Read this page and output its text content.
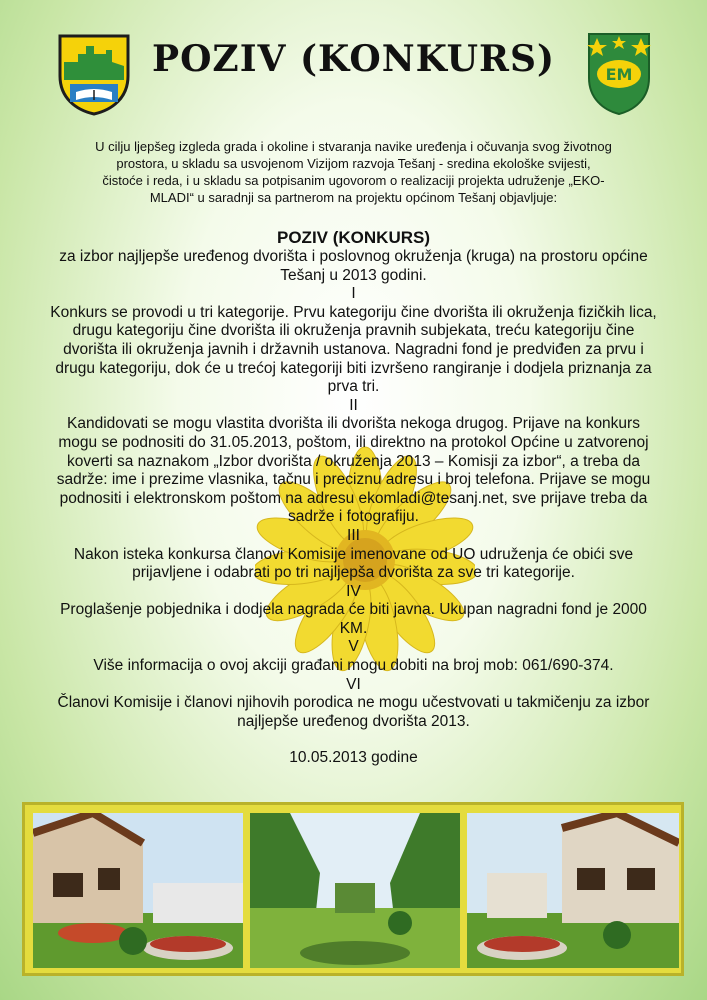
EM
POZIV (KONKURS)
U cilju ljepšeg izgleda grada i okoline i stvaranja navike uređenja i očuvanja svog životnog prostora, u skladu sa usvojenom Vizijom razvoja Tešanj - sredina ekološke svijesti, čistoće i reda, i u skladu sa potpisanim ugovorom o realizaciji projekta udruženje „EKO-MLADI“ u saradnji sa partnerom na projektu općinom Tešanj objavljuje:
POZIV (KONKURS)
za izbor najljepše uređenog dvorišta i poslovnog okruženja (kruga) na prostoru općine Tešanj u 2013 godini.
I
Konkurs se provodi u tri kategorije. Prvu kategoriju čine dvorišta ili okruženja fizičkih lica, drugu kategoriju čine dvorišta ili okruženja pravnih subjekata, treću kategoriju čine dvorišta ili okruženja javnih i državnih ustanova. Nagradni fond je predviđen za prvu i drugu kategoriju, dok će u trećoj kategoriji biti izvršeno rangiranje i dodjela priznanja za prva tri.
II
Kandidovati se mogu vlastita dvorišta ili dvorišta nekoga drugog. Prijave na konkurs mogu se podnositi do 31.05.2013, poštom, ili direktno na protokol Općine u zatvorenoj koverti sa naznakom „Izbor dvorišta / okruženja 2013 – Komisji za izbor“, a treba da sadrže: ime i prezime vlasnika, tačnu i preciznu adresu i broj telefona. Prijave se mogu podnositi i elektronskom poštom na adresu ekomladi@tesanj.net, sve prijave treba da sadrže i fotografiju.
III
Nakon isteka konkursa članovi Komisije imenovane od UO udruženja će obići sve prijavljene i odabrati po tri najljepša dvorišta za sve tri kategorije.
IV
Proglašenje pobjednika i dodjela nagrada će biti javna. Ukupan nagradni fond je 2000 KM.
V
Više informacija o ovoj akciji građani mogu dobiti na broj mob: 061/690-374.
VI
Članovi Komisije i članovi njihovih porodica ne mogu učestvovati u takmičenju za izbor najljepše uređenog dvorišta 2013.
10.05.2013 godine
